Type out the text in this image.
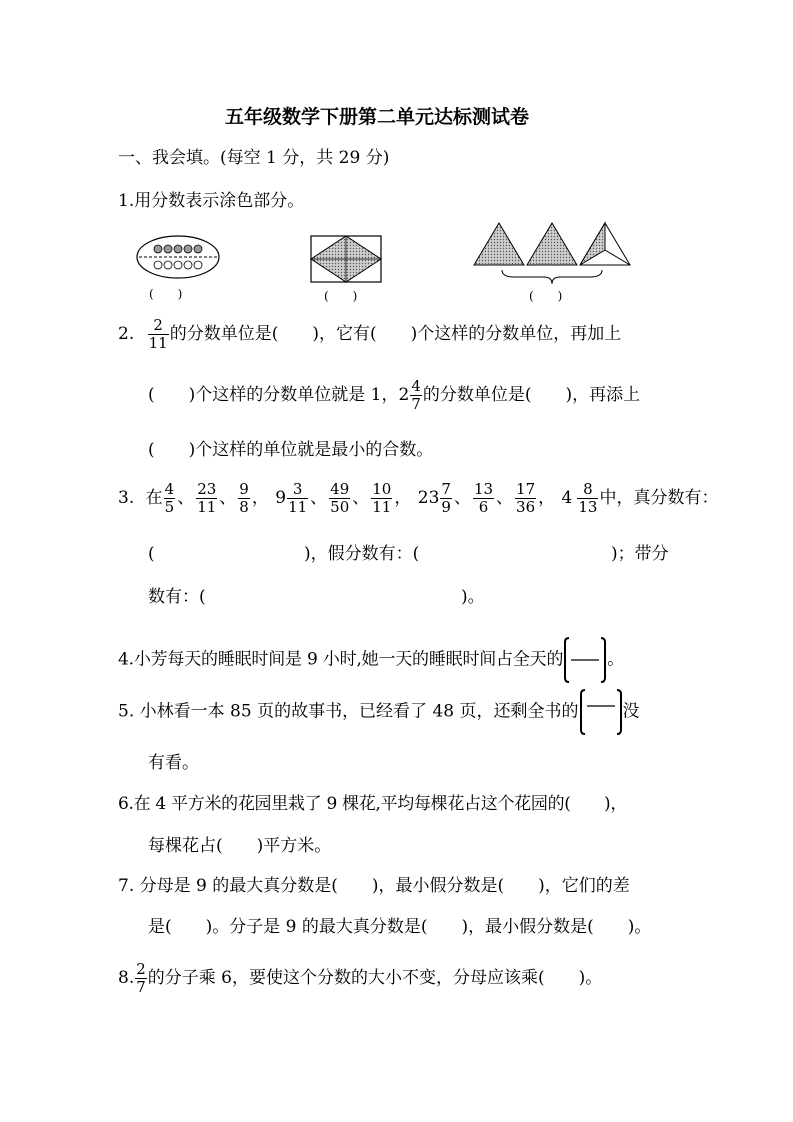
五年级数学下册第二单元达标测试卷
一、我会填。(每空 1 分，共 29 分)
1.用分数表示涂色部分。
(　　)	(　　)	(　　)
2. $\frac{2}{11}$ 的分数单位是(　　)，它有(　　)个这样的分数单位，再加上
(　　)个这样的分数单位就是 1，$2 \frac{4}{7}$ 的分数单位是(　　)，再添上
(　　)个这样的单位就是最小的合数。
3. 在 $\frac{4}{5}$ 、 $\frac{23}{11}$ 、 $\frac{9}{8}$ ， $9 \frac{3}{11}$ 、 $\frac{49}{50}$ 、 $\frac{10}{11}$ ， $23 \frac{7}{9}$ 、 $\frac{13}{6}$ 、 $\frac{17}{36}$ ， $4 \frac{8}{13}$ 中，真分数有：
(	)，假分数有：(	)；带分
数有：(	)。
4.小芳每天的睡眠时间是 9 小时,她一天的睡眠时间占全天的	。
5. 小林看一本 85 页的故事书，已经看了 48 页，还剩全书的	没
有看。
6.在 4 平方米的花园里栽了 9 棵花,平均每棵花占这个花园的(　　)，
每棵花占(　　)平方米。
7. 分母是 9 的最大真分数是(　　)，最小假分数是(　　)，它们的差
是(　　)。分子是 9 的最大真分数是(　　)，最小假分数是(　　)。
8. $\frac{2}{7}$ 的分子乘 6，要使这个分数的大小不变，分母应该乘(　　)。
